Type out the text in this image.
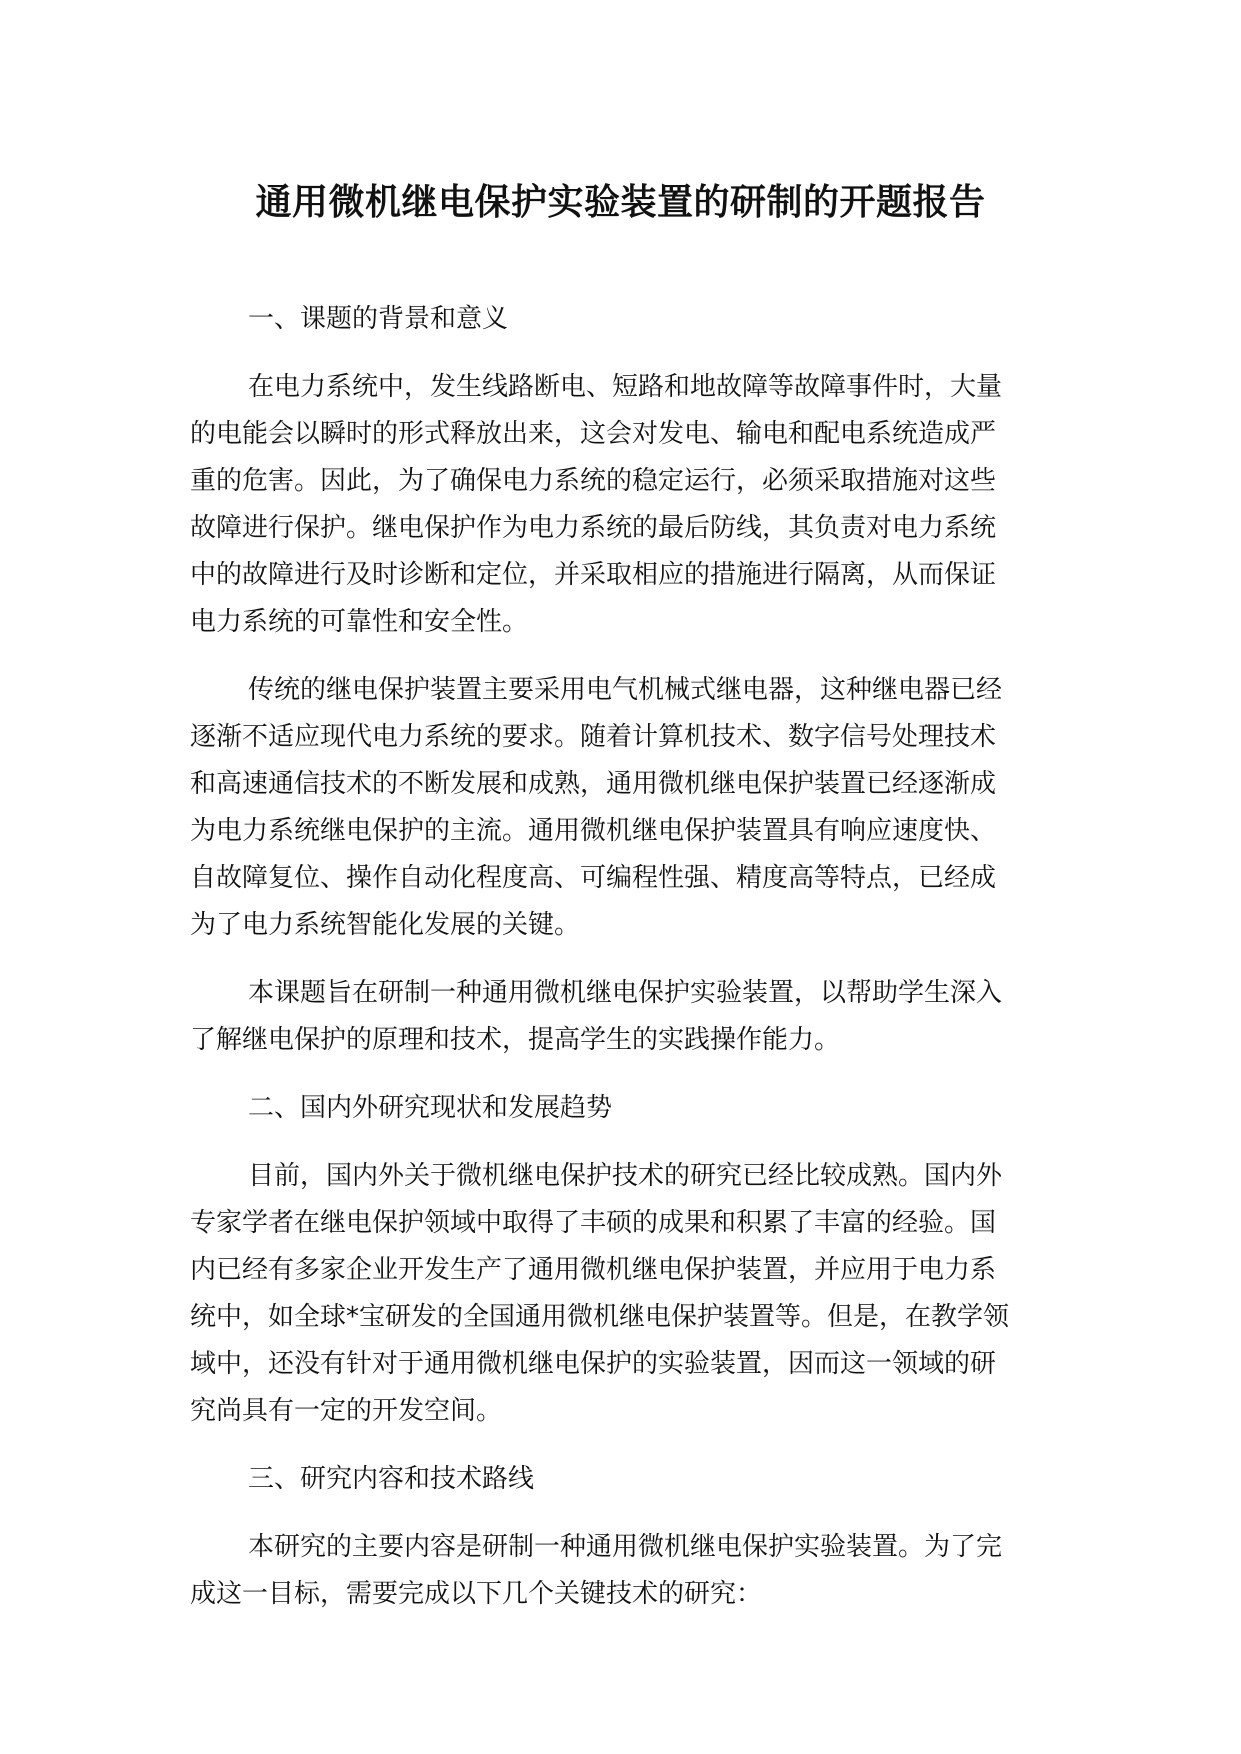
通用微机继电保护实验装置的研制的开题报告
一、课题的背景和意义
在电力系统中，发生线路断电、短路和地故障等故障事件时，大量
的电能会以瞬时的形式释放出来，这会对发电、输电和配电系统造成严
重的危害。因此，为了确保电力系统的稳定运行，必须采取措施对这些
故障进行保护。继电保护作为电力系统的最后防线，其负责对电力系统
中的故障进行及时诊断和定位，并采取相应的措施进行隔离，从而保证
电力系统的可靠性和安全性。
传统的继电保护装置主要采用电气机械式继电器，这种继电器已经
逐渐不适应现代电力系统的要求。随着计算机技术、数字信号处理技术
和高速通信技术的不断发展和成熟，通用微机继电保护装置已经逐渐成
为电力系统继电保护的主流。通用微机继电保护装置具有响应速度快、
自故障复位、操作自动化程度高、可编程性强、精度高等特点，已经成
为了电力系统智能化发展的关键。
本课题旨在研制一种通用微机继电保护实验装置，以帮助学生深入
了解继电保护的原理和技术，提高学生的实践操作能力。
二、国内外研究现状和发展趋势
目前，国内外关于微机继电保护技术的研究已经比较成熟。国内外
专家学者在继电保护领域中取得了丰硕的成果和积累了丰富的经验。国
内已经有多家企业开发生产了通用微机继电保护装置，并应用于电力系
统中，如全球*宝研发的全国通用微机继电保护装置等。但是，在教学领
域中，还没有针对于通用微机继电保护的实验装置，因而这一领域的研
究尚具有一定的开发空间。
三、研究内容和技术路线
本研究的主要内容是研制一种通用微机继电保护实验装置。为了完
成这一目标，需要完成以下几个关键技术的研究：
